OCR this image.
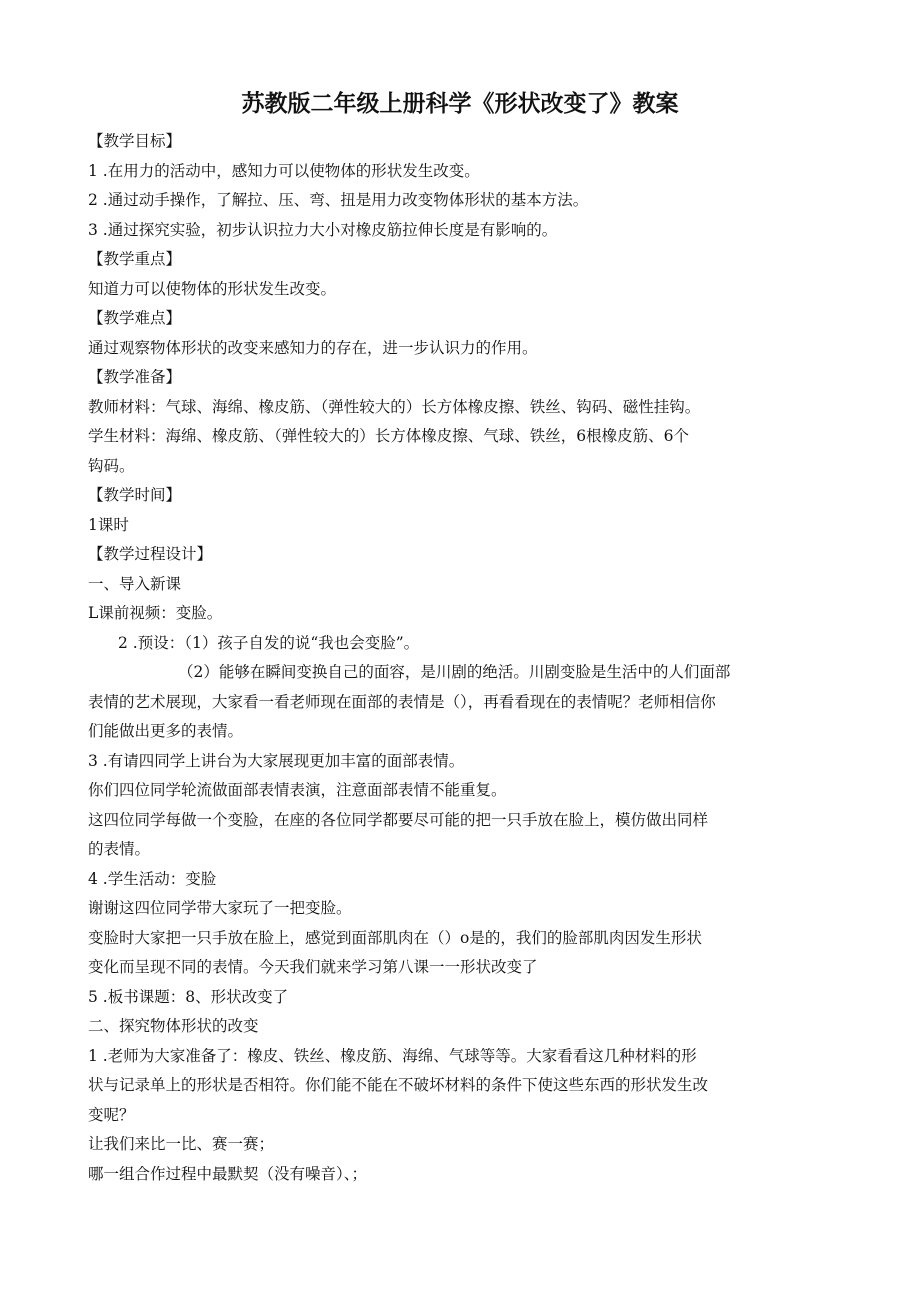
苏教版二年级上册科学《形状改变了》教案

【教学目标】

1 .在用力的活动中，感知力可以使物体的形状发生改变。

2 .通过动手操作，了解拉、压、弯、扭是用力改变物体形状的基本方法。

3 .通过探究实验，初步认识拉力大小对橡皮筋拉伸长度是有影响的。

【教学重点】

知道力可以使物体的形状发生改变。

【教学难点】

通过观察物体形状的改变来感知力的存在，进一步认识力的作用。

【教学准备】

教师材料：气球、海绵、橡皮筋、（弹性较大的）长方体橡皮擦、铁丝、钩码、磁性挂钩。

学生材料：海绵、橡皮筋、（弹性较大的）长方体橡皮擦、气球、铁丝，6根橡皮筋、6个

钩码。

【教学时间】

1课时

【教学过程设计】

一、导入新课

L课前视频：变脸。

2 .预设：（1）孩子自发的说“我也会变脸”。

（2）能够在瞬间变换自己的面容，是川剧的绝活。川剧变脸是生活中的人们面部

表情的艺术展现，大家看一看老师现在面部的表情是（），再看看现在的表情呢？老师相信你

们能做出更多的表情。

3 .有请四同学上讲台为大家展现更加丰富的面部表情。

你们四位同学轮流做面部表情表演，注意面部表情不能重复。

这四位同学每做一个变脸，在座的各位同学都要尽可能的把一只手放在脸上，模仿做出同样

的表情。

4 .学生活动：变脸

谢谢这四位同学带大家玩了一把变脸。

变脸时大家把一只手放在脸上，感觉到面部肌肉在（）o是的，我们的脸部肌肉因发生形状

变化而呈现不同的表情。今天我们就来学习第八课一一形状改变了

5 .板书课题：8、形状改变了

二、探究物体形状的改变

1 .老师为大家准备了：橡皮、铁丝、橡皮筋、海绵、气球等等。大家看看这几种材料的形

状与记录单上的形状是否相符。你们能不能在不破坏材料的条件下使这些东西的形状发生改

变呢？

让我们来比一比、赛一赛；

哪一组合作过程中最默契（没有噪音）、；
